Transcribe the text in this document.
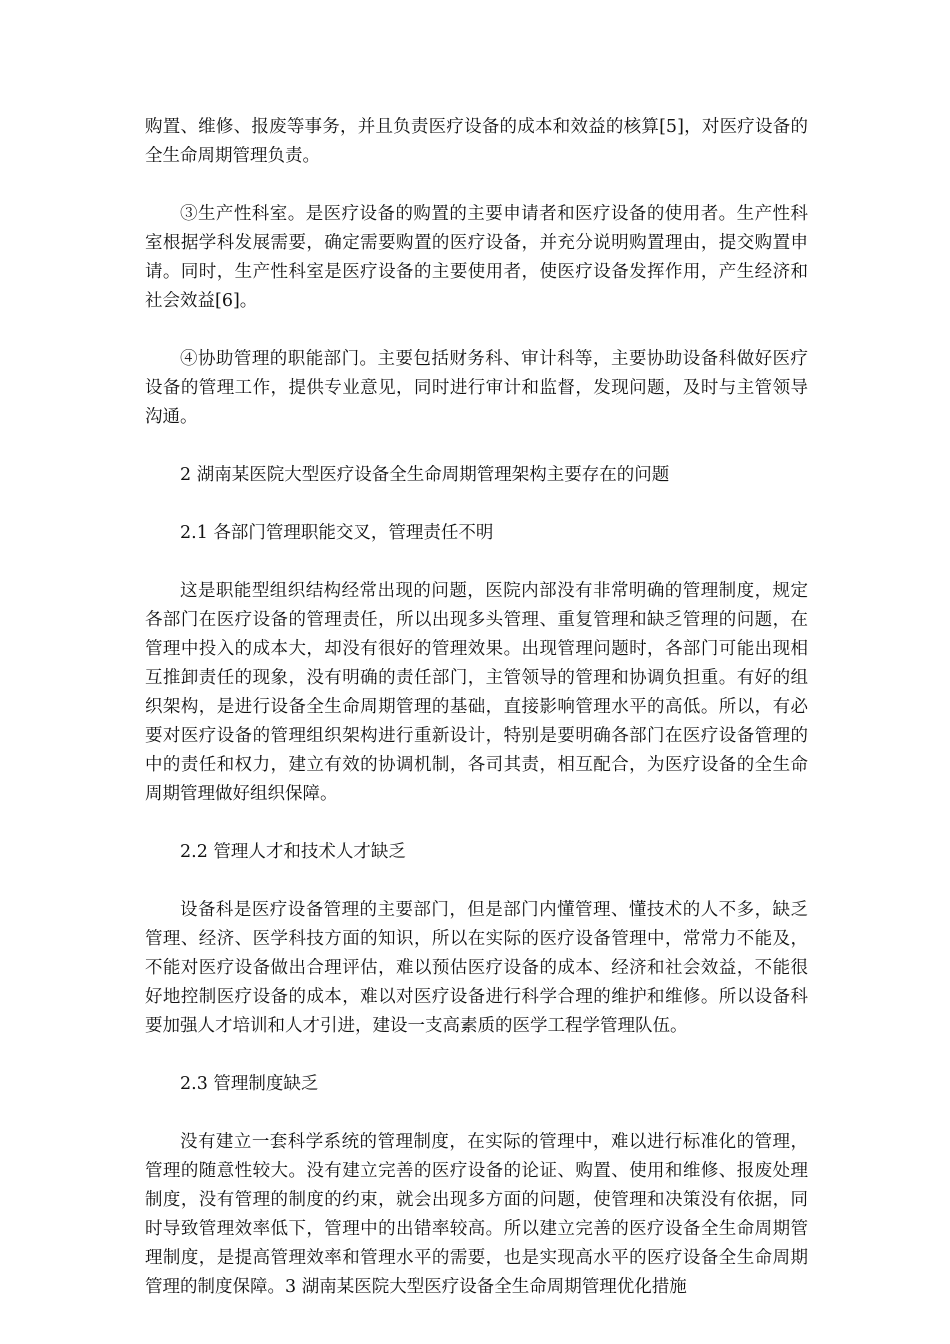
购置、维修、报废等事务，并且负责医疗设备的成本和效益的核算[5]，对医疗设备的全生命周期管理负责。

③生产性科室。是医疗设备的购置的主要申请者和医疗设备的使用者。生产性科室根据学科发展需要，确定需要购置的医疗设备，并充分说明购置理由，提交购置申请。同时，生产性科室是医疗设备的主要使用者，使医疗设备发挥作用，产生经济和社会效益[6]。

④协助管理的职能部门。主要包括财务科、审计科等，主要协助设备科做好医疗设备的管理工作，提供专业意见，同时进行审计和监督，发现问题，及时与主管领导沟通。

2 湖南某医院大型医疗设备全生命周期管理架构主要存在的问题

2.1 各部门管理职能交叉，管理责任不明

这是职能型组织结构经常出现的问题，医院内部没有非常明确的管理制度，规定各部门在医疗设备的管理责任，所以出现多头管理、重复管理和缺乏管理的问题，在管理中投入的成本大，却没有很好的管理效果。出现管理问题时，各部门可能出现相互推卸责任的现象，没有明确的责任部门，主管领导的管理和协调负担重。有好的组织架构，是进行设备全生命周期管理的基础，直接影响管理水平的高低。所以，有必要对医疗设备的管理组织架构进行重新设计，特别是要明确各部门在医疗设备管理的中的责任和权力，建立有效的协调机制，各司其责，相互配合，为医疗设备的全生命周期管理做好组织保障。

2.2 管理人才和技术人才缺乏

设备科是医疗设备管理的主要部门，但是部门内懂管理、懂技术的人不多，缺乏管理、经济、医学科技方面的知识，所以在实际的医疗设备管理中，常常力不能及，不能对医疗设备做出合理评估，难以预估医疗设备的成本、经济和社会效益，不能很好地控制医疗设备的成本，难以对医疗设备进行科学合理的维护和维修。所以设备科要加强人才培训和人才引进，建设一支高素质的医学工程学管理队伍。

2.3 管理制度缺乏

没有建立一套科学系统的管理制度，在实际的管理中，难以进行标准化的管理，管理的随意性较大。没有建立完善的医疗设备的论证、购置、使用和维修、报废处理制度，没有管理的制度的约束，就会出现多方面的问题，使管理和决策没有依据，同时导致管理效率低下，管理中的出错率较高。所以建立完善的医疗设备全生命周期管理制度，是提高管理效率和管理水平的需要，也是实现高水平的医疗设备全生命周期管理的制度保障。3 湖南某医院大型医疗设备全生命周期管理优化措施
